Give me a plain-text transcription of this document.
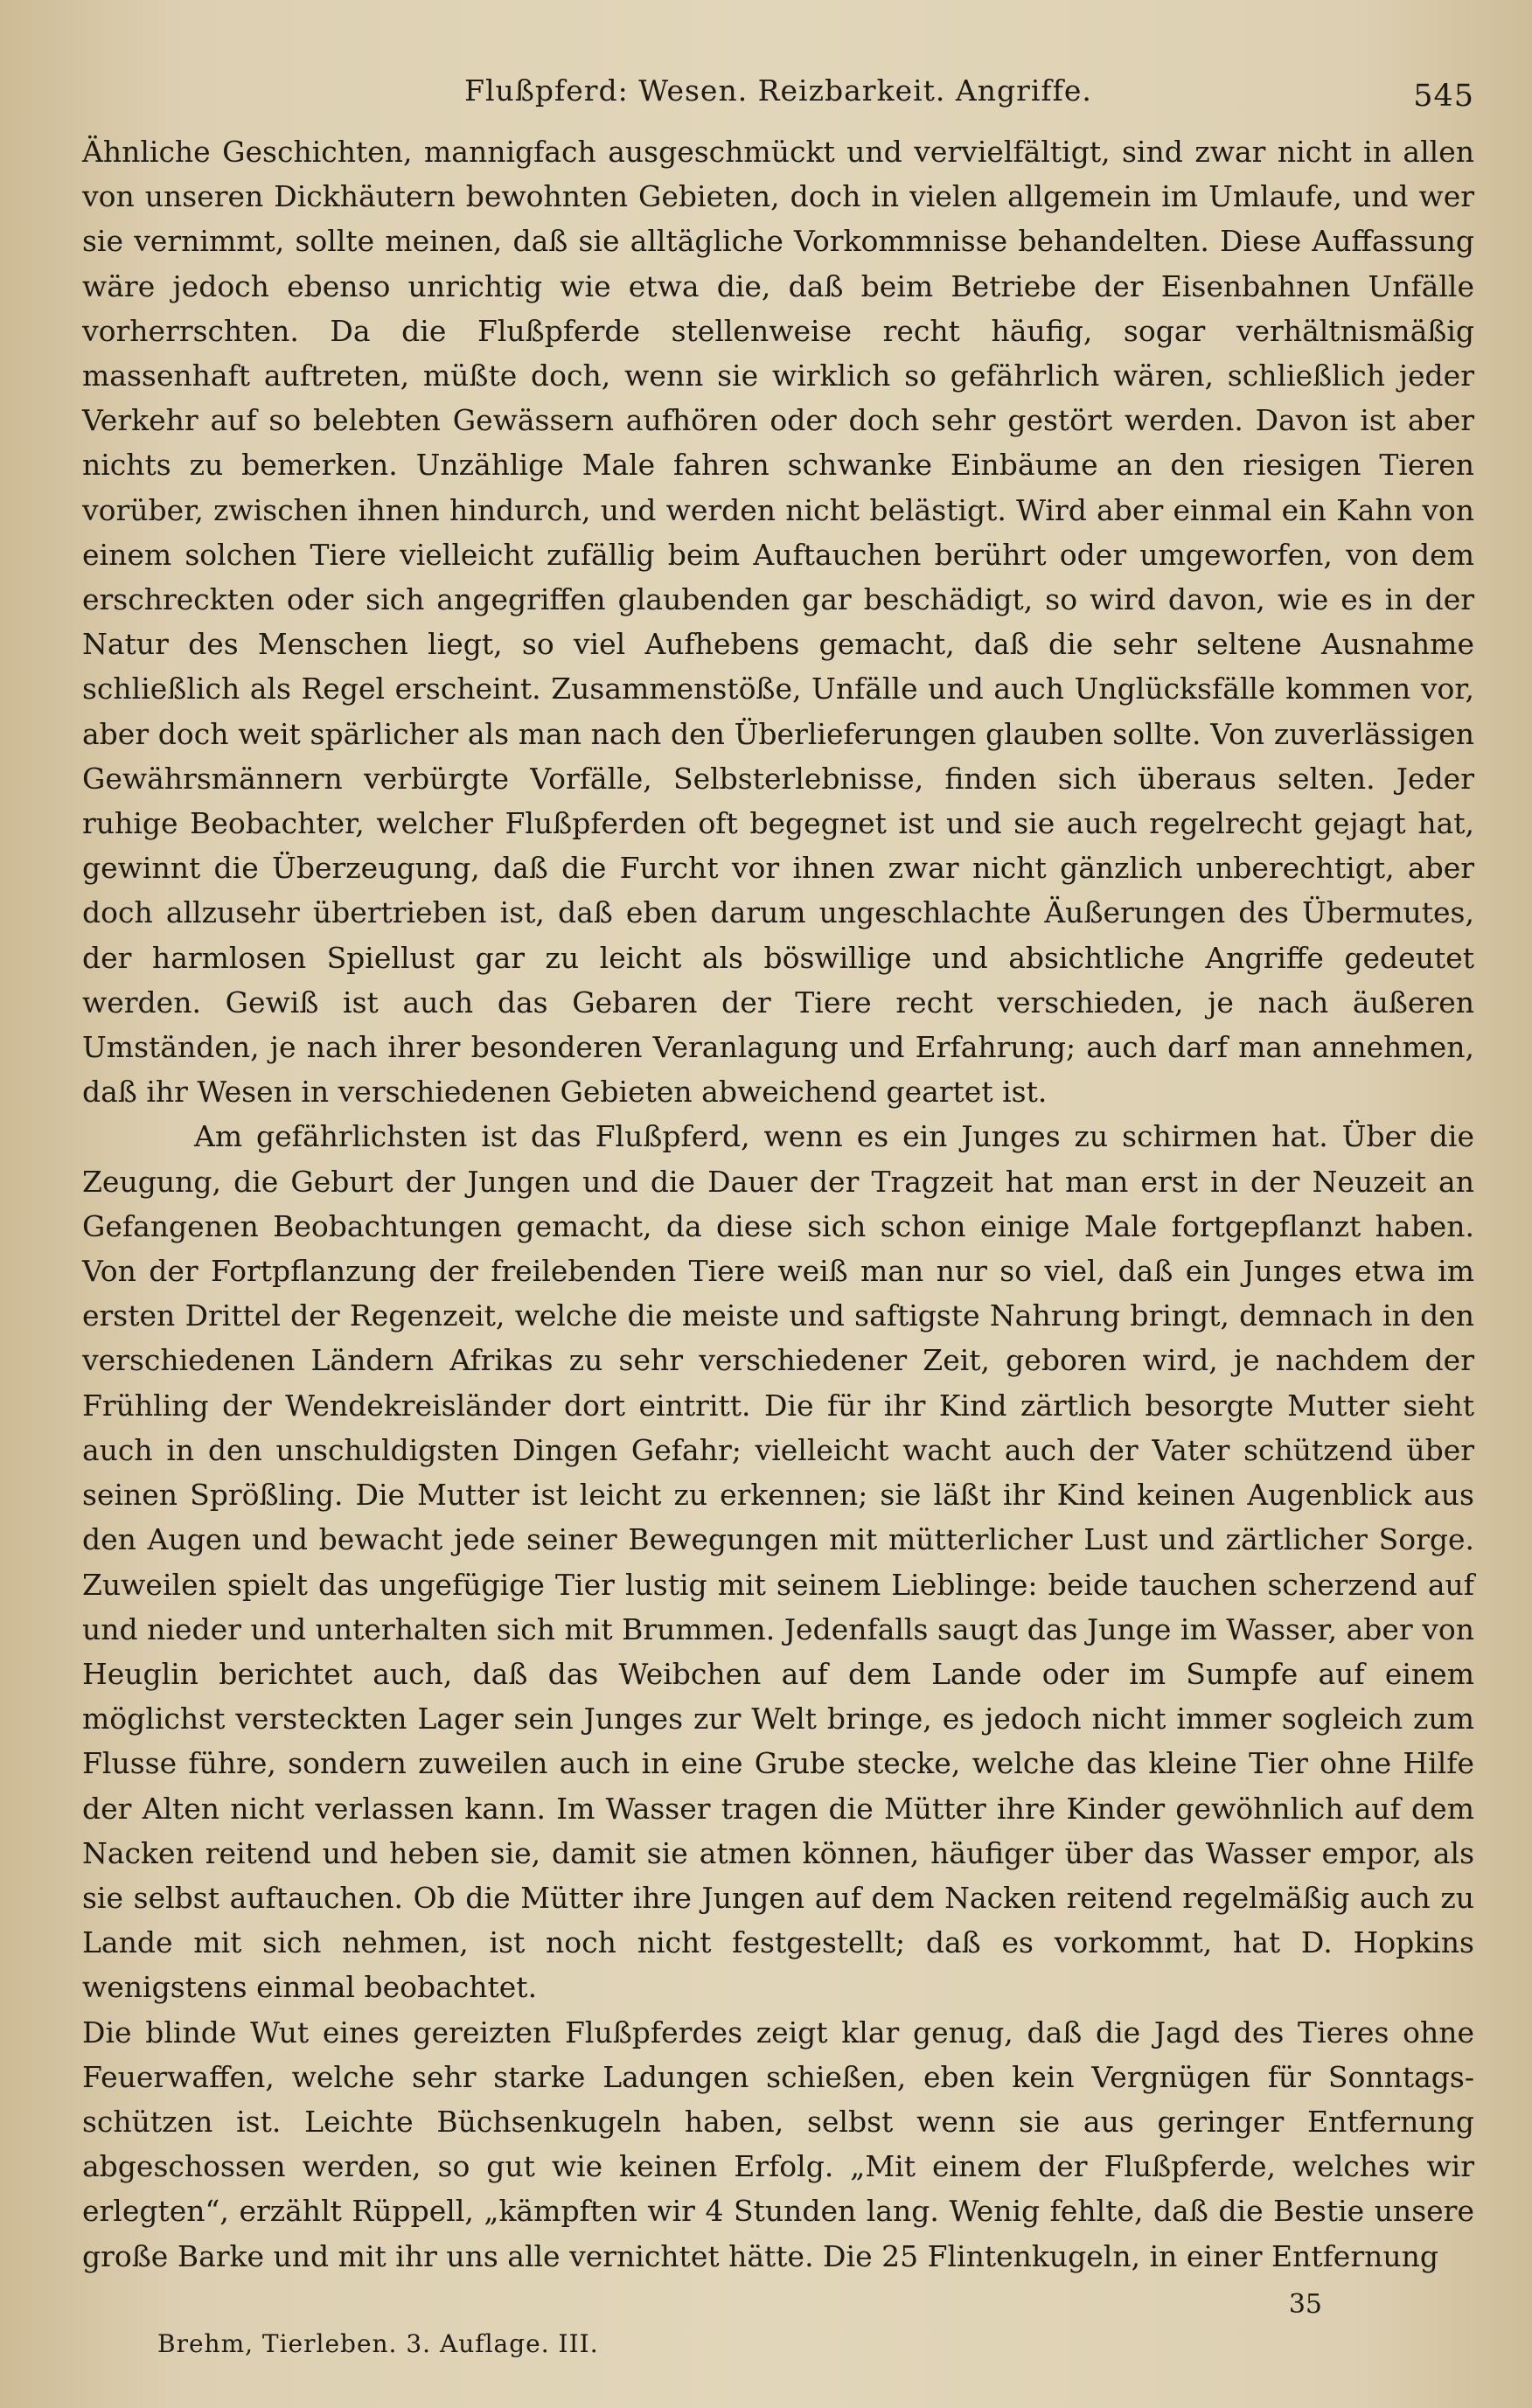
Flußpferd: Wesen. Reizbarkeit. Angriffe.	545

Ähnliche Geschichten, mannigfach ausgeschmückt und vervielfältigt, sind zwar nicht in allen von unseren Dickhäutern bewohnten Gebieten, doch in vielen allgemein im Umlaufe, und wer sie vernimmt, sollte meinen, daß sie alltägliche Vorkommnisse behandelten. Diese Auffassung wäre jedoch ebenso unrichtig wie etwa die, daß beim Betriebe der Eisenbahnen Unfälle vorherrschten. Da die Flußpferde stellenweise recht häufig, sogar verhältnismäßig massenhaft auftreten, müßte doch, wenn sie wirklich so gefährlich wären, schließlich jeder Verkehr auf so belebten Gewässern aufhören oder doch sehr gestört werden. Davon ist aber nichts zu bemerken. Unzählige Male fahren schwanke Einbäume an den riesigen Tieren vorüber, zwischen ihnen hindurch, und werden nicht belästigt. Wird aber einmal ein Kahn von einem solchen Tiere vielleicht zufällig beim Auftauchen berührt oder umgeworfen, von dem erschreckten oder sich angegriffen glaubenden gar beschädigt, so wird davon, wie es in der Natur des Menschen liegt, so viel Aufhebens gemacht, daß die sehr seltene Ausnahme schließlich als Regel erscheint. Zusammenstöße, Unfälle und auch Unglücksfälle kommen vor, aber doch weit spärlicher als man nach den Überlieferungen glauben sollte. Von zuverlässigen Gewährsmännern verbürgte Vorfälle, Selbsterlebnisse, finden sich überaus selten. Jeder ruhige Beobachter, welcher Flußpferden oft begegnet ist und sie auch regelrecht gejagt hat, gewinnt die Überzeugung, daß die Furcht vor ihnen zwar nicht gänzlich unberechtigt, aber doch allzusehr übertrieben ist, daß eben darum ungeschlachte Äußerungen des Übermutes, der harmlosen Spiellust gar zu leicht als böswillige und absichtliche Angriffe gedeutet werden. Gewiß ist auch das Gebaren der Tiere recht verschieden, je nach äußeren Umständen, je nach ihrer besonderen Veranlagung und Erfahrung; auch darf man annehmen, daß ihr Wesen in verschiedenen Gebieten abweichend geartet ist.

Am gefährlichsten ist das Flußpferd, wenn es ein Junges zu schirmen hat. Über die Zeugung, die Geburt der Jungen und die Dauer der Tragzeit hat man erst in der Neuzeit an Gefangenen Beobachtungen gemacht, da diese sich schon einige Male fortgepflanzt haben. Von der Fortpflanzung der freilebenden Tiere weiß man nur so viel, daß ein Junges etwa im ersten Drittel der Regenzeit, welche die meiste und saftigste Nahrung bringt, demnach in den verschiedenen Ländern Afrikas zu sehr verschiedener Zeit, geboren wird, je nachdem der Frühling der Wendekreisländer dort eintritt. Die für ihr Kind zärtlich besorgte Mutter sieht auch in den unschuldigsten Dingen Gefahr; vielleicht wacht auch der Vater schützend über seinen Sprößling. Die Mutter ist leicht zu erkennen; sie läßt ihr Kind keinen Augenblick aus den Augen und bewacht jede seiner Bewegungen mit mütterlicher Lust und zärtlicher Sorge. Zuweilen spielt das ungefügige Tier lustig mit seinem Lieblinge: beide tauchen scherzend auf und nieder und unterhalten sich mit Brummen. Jedenfalls saugt das Junge im Wasser, aber von Heuglin berichtet auch, daß das Weibchen auf dem Lande oder im Sumpfe auf einem möglichst versteckten Lager sein Junges zur Welt bringe, es jedoch nicht immer sogleich zum Flusse führe, sondern zuweilen auch in eine Grube stecke, welche das kleine Tier ohne Hilfe der Alten nicht verlassen kann. Im Wasser tragen die Mütter ihre Kinder gewöhnlich auf dem Nacken reitend und heben sie, damit sie atmen können, häufiger über das Wasser empor, als sie selbst auftauchen. Ob die Mütter ihre Jungen auf dem Nacken reitend regelmäßig auch zu Lande mit sich nehmen, ist noch nicht festgestellt; daß es vorkommt, hat D. Hopkins wenigstens einmal beobachtet.

Die blinde Wut eines gereizten Flußpferdes zeigt klar genug, daß die Jagd des Tieres ohne Feuerwaffen, welche sehr starke Ladungen schießen, eben kein Vergnügen für Sonntagsschützen ist. Leichte Büchsenkugeln haben, selbst wenn sie aus geringer Entfernung abgeschossen werden, so gut wie keinen Erfolg. „Mit einem der Flußpferde, welches wir erlegten“, erzählt Rüppell, „kämpften wir 4 Stunden lang. Wenig fehlte, daß die Bestie unsere große Barke und mit ihr uns alle vernichtet hätte. Die 25 Flintenkugeln, in einer Entfernung

35
Brehm, Tierleben. 3. Auflage. III.
